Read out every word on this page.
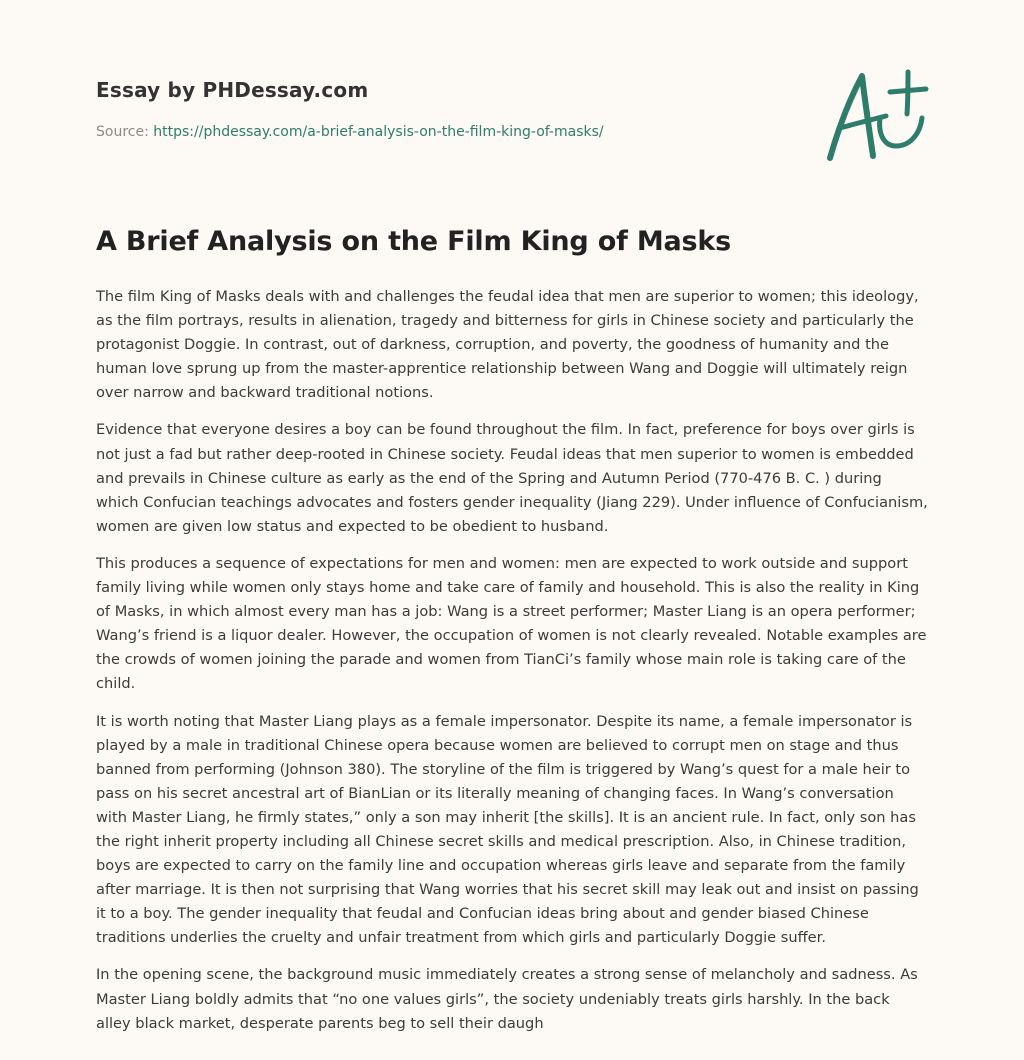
Essay by PHDessay.com
Source: https://phdessay.com/a-brief-analysis-on-the-film-king-of-masks/
A Brief Analysis on the Film King of Masks

The film King of Masks deals with and challenges the feudal idea that men are superior to women; this ideology, as the film portrays, results in alienation, tragedy and bitterness for girls in Chinese society and particularly the protagonist Doggie. In contrast, out of darkness, corruption, and poverty, the goodness of humanity and the human love sprung up from the master-apprentice relationship between Wang and Doggie will ultimately reign over narrow and backward traditional notions.

Evidence that everyone desires a boy can be found throughout the film. In fact, preference for boys over girls is not just a fad but rather deep-rooted in Chinese society. Feudal ideas that men superior to women is embedded and prevails in Chinese culture as early as the end of the Spring and Autumn Period (770-476 B. C. ) during which Confucian teachings advocates and fosters gender inequality (Jiang 229). Under influence of Confucianism, women are given low status and expected to be obedient to husband.

This produces a sequence of expectations for men and women: men are expected to work outside and support family living while women only stays home and take care of family and household. This is also the reality in King of Masks, in which almost every man has a job: Wang is a street performer; Master Liang is an opera performer; Wang’s friend is a liquor dealer. However, the occupation of women is not clearly revealed. Notable examples are the crowds of women joining the parade and women from TianCi’s family whose main role is taking care of the child.

It is worth noting that Master Liang plays as a female impersonator. Despite its name, a female impersonator is played by a male in traditional Chinese opera because women are believed to corrupt men on stage and thus banned from performing (Johnson 380). The storyline of the film is triggered by Wang’s quest for a male heir to pass on his secret ancestral art of BianLian or its literally meaning of changing faces. In Wang’s conversation with Master Liang, he firmly states,” only a son may inherit [the skills]. It is an ancient rule. In fact, only son has the right inherit property including all Chinese secret skills and medical prescription. Also, in Chinese tradition, boys are expected to carry on the family line and occupation whereas girls leave and separate from the family after marriage. It is then not surprising that Wang worries that his secret skill may leak out and insist on passing it to a boy. The gender inequality that feudal and Confucian ideas bring about and gender biased Chinese traditions underlies the cruelty and unfair treatment from which girls and particularly Doggie suffer.

In the opening scene, the background music immediately creates a strong sense of melancholy and sadness. As Master Liang boldly admits that “no one values girls”, the society undeniably treats girls harshly. In the back alley black market, desperate parents beg to sell their daugh
